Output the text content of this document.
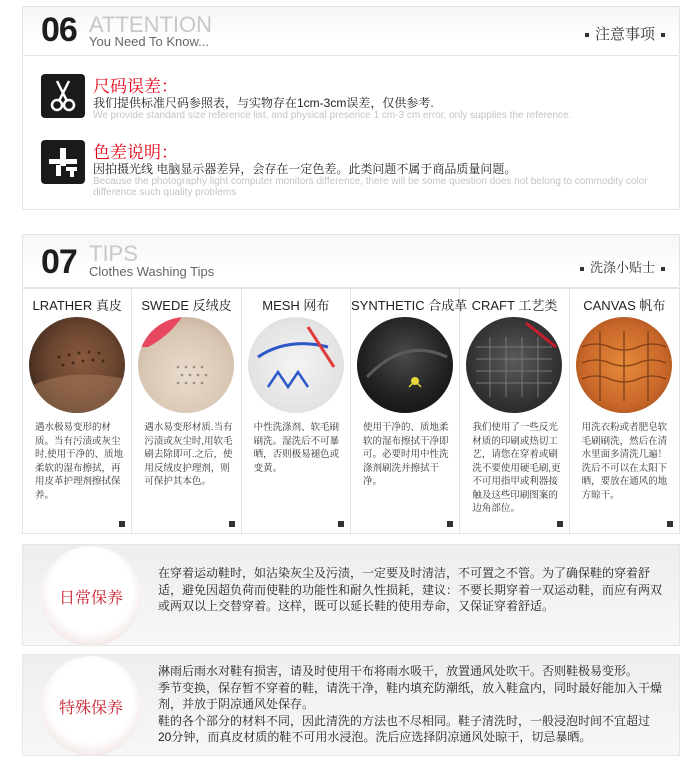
06 ATTENTION
You Need To Know...	注意事项
尺码误差：
我们提供标准尺码参照表，与实物存在1cm-3cm误差，仅供参考.
We provide standard size reference list, and physical presence 1 cm-3 cm error, only supplies the reference.
色差说明：
因拍摄光线 电脑显示器差异，会存在一定色差。此类问题不属于商品质量问题。
Because the photography light computer monitors difference, there will be some question does not belong to commodity color difference such quality problems
07 TIPS
Clothes Washing Tips	洗涤小贴士
LRATHER 真皮
遇水极易变形的材质。当有污渍或灰尘时,使用干净的、质地柔软的湿布擦拭，再用皮革护理剂擦拭保养。
SWEDE 反绒皮
遇水易变形材质.当有污渍或灰尘时,用软毛刷去除即可.之后，使用反绒皮护理剂，则可保护其本色。
MESH 网布
中性洗涤剂、软毛刷刷洗。湿洗后不可暴晒，否则极易褪色或变黄。
SYNTHETIC 合成革
使用干净的、质地柔软的湿布擦拭干净即可。必要时用中性洗涤剂刷洗并擦拭干净。
CRAFT 工艺类
我们使用了一些反光材质的印刷或热切工艺，请您在穿着或刷洗不要使用硬毛刷,更不可用指甲或利器接触及这些印刷图案的边角部位。
CANVAS 帆布
用洗衣粉或者肥皂软毛刷刷洗，然后在清水里面多清洗几遍！洗后不可以在太阳下晒，要放在通风的地方晾干。
日常保养

在穿着运动鞋时，如沾染灰尘及污渍，一定要及时清洁，不可置之不管。为了确保鞋的穿着舒适，避免因超负荷而使鞋的功能性和耐久性损耗，建议：不要长期穿着一双运动鞋，而应有两双或两双以上交替穿着。这样，既可以延长鞋的使用寿命，又保证穿着舒适。

特殊保养

淋雨后雨水对鞋有损害，请及时使用干布将雨水吸干，放置通风处吹干。否则鞋极易变形。

季节变换，保存暂不穿着的鞋，请洗干净，鞋内填充防潮纸，放入鞋盒内，同时最好能加入干燥剂，并放于阴凉通风处保存。

鞋的各个部分的材料不同，因此清洗的方法也不尽相同。鞋子清洗时，一般浸泡时间不宜超过20分钟，而真皮材质的鞋不可用水浸泡。洗后应选择阴凉通风处晾干，切忌暴晒。
